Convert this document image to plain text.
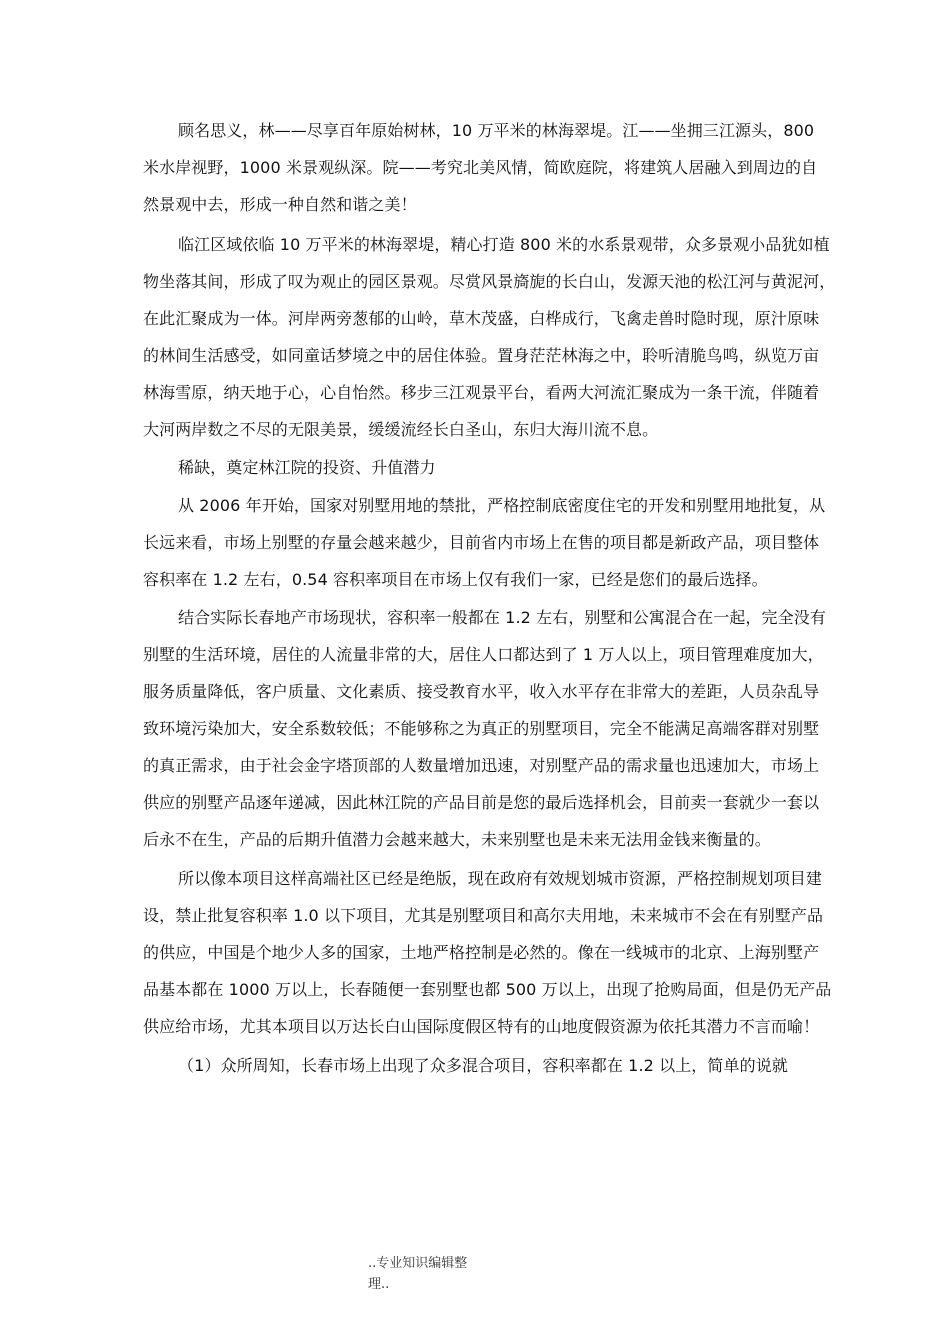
顾名思义，林——尽享百年原始树林，10 万平米的林海翠堤。江——坐拥三江源头，800
米水岸视野，1000 米景观纵深。院——考究北美风情，简欧庭院，将建筑人居融入到周边的自
然景观中去，形成一种自然和谐之美！
临江区域依临 10 万平米的林海翠堤，精心打造 800 米的水系景观带，众多景观小品犹如植
物坐落其间，形成了叹为观止的园区景观。尽赏风景旖旎的长白山，发源天池的松江河与黄泥河，
在此汇聚成为一体。河岸两旁葱郁的山岭，草木茂盛，白桦成行，飞禽走兽时隐时现，原汁原味
的林间生活感受，如同童话梦境之中的居住体验。置身茫茫林海之中，聆听清脆鸟鸣，纵览万亩
林海雪原，纳天地于心，心自怡然。移步三江观景平台，看两大河流汇聚成为一条干流，伴随着
大河两岸数之不尽的无限美景，缓缓流经长白圣山，东归大海川流不息。
稀缺，奠定林江院的投资、升值潜力
从 2006 年开始，国家对别墅用地的禁批，严格控制底密度住宅的开发和别墅用地批复，从
长远来看，市场上别墅的存量会越来越少，目前省内市场上在售的项目都是新政产品，项目整体
容积率在 1.2 左右，0.54 容积率项目在市场上仅有我们一家，已经是您们的最后选择。
结合实际长春地产市场现状，容积率一般都在 1.2 左右，别墅和公寓混合在一起，完全没有
别墅的生活环境，居住的人流量非常的大，居住人口都达到了 1 万人以上，项目管理难度加大，
服务质量降低，客户质量、文化素质、接受教育水平，收入水平存在非常大的差距，人员杂乱导
致环境污染加大，安全系数较低；不能够称之为真正的别墅项目，完全不能满足高端客群对别墅
的真正需求，由于社会金字塔顶部的人数量增加迅速，对别墅产品的需求量也迅速加大，市场上
供应的别墅产品逐年递减，因此林江院的产品目前是您的最后选择机会，目前卖一套就少一套以
后永不在生，产品的后期升值潜力会越来越大，未来别墅也是未来无法用金钱来衡量的。
所以像本项目这样高端社区已经是绝版，现在政府有效规划城市资源，严格控制规划项目建
设，禁止批复容积率 1.0 以下项目，尤其是别墅项目和高尔夫用地，未来城市不会在有别墅产品
的供应，中国是个地少人多的国家，土地严格控制是必然的。像在一线城市的北京、上海别墅产
品基本都在 1000 万以上，长春随便一套别墅也都 500 万以上，出现了抢购局面，但是仍无产品
供应给市场，尤其本项目以万达长白山国际度假区特有的山地度假资源为依托其潜力不言而喻！
（1）众所周知，长春市场上出现了众多混合项目，容积率都在 1.2 以上，简单的说就
..专业知识编辑整
理..
